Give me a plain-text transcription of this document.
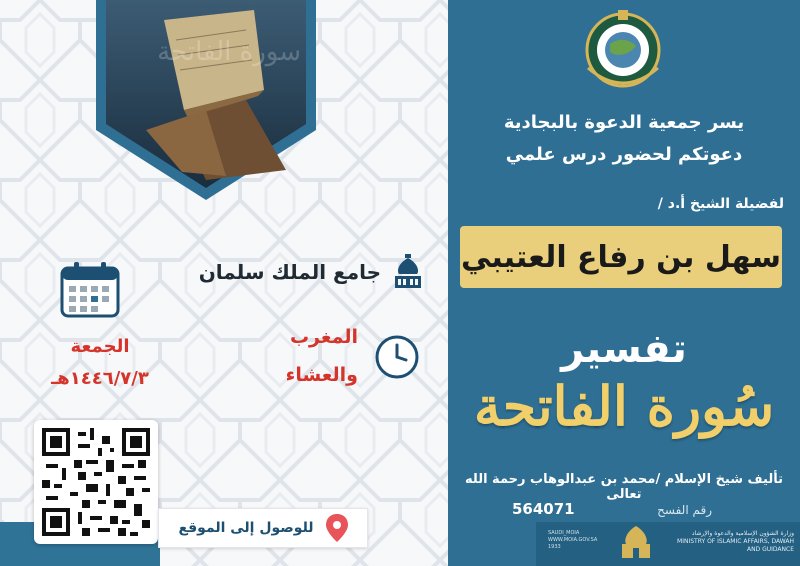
سورة الفاتحة
جامع الملك سلمان
الجمعة
١٤٤٦/٧/٣هـ
المغرب
والعشاء
للوصول إلى الموقع
يسر جمعية الدعوة بالبجادية
دعوتكم لحضور درس علمي
لفضيلة الشيخ أ.د /
سهل بن رفاع العتيبي
تفسير
سُورة الفاتحة
تأليف شيخ الإسلام /محمد بن عبدالوهاب رحمة الله تعالى
رقم الفسح
564071
SAUDI_MOIA
WWW.MOIA.GOV.SA
1933
وزارة الشؤون الإسلامية والدعوة والإرشاد
MINISTRY OF ISLAMIC AFFAIRS, DAWAH AND GUIDANCE
